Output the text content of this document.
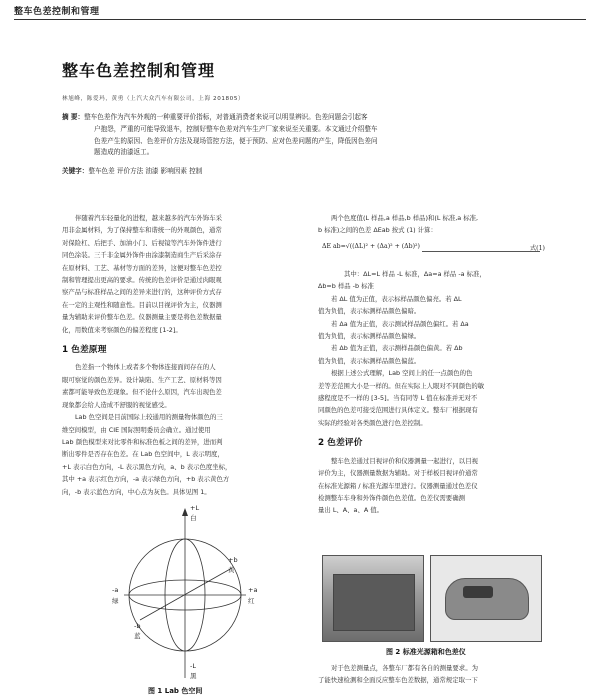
整车色差控制和管理
整车色差控制和管理
林旭峰，陈爱玛，黄勇（上汽大众汽车有限公司，上海 201805）

摘 要：整车色差作为汽车外观的一种重要评价指标，对普通消费者来说可以明显辨识。色差问题会引起客

户抱怨，严重的可能导致退车，控制好整车色差对汽车生产厂家来说至关重要。本文通过介绍整车

色差产生的原因、色差评价方法及现场管控方法，便于预防、应对色差问题的产生，降低因色差问

题造成的油漆返工。

关键字：整车色差 评价方法 油漆 影响因素 控制

伴随着汽车轻量化的进程，越来越多的汽车外饰车采

用非金属材料，为了保持整车和谐统一的外观颜色，通常

对保险杠、后把手、加油小门、后视镜等汽车外饰件进行

同色涂装。三千非金属外饰件由涂漆制造商生产后采涂存

在原材料、工艺、基材等方面的差异，这便对整车色差控

制和管理提出更高的要求。传统的色差评价是通过肉眼观

察产品与标准样品之间的差异来进行的，这种评价方式存

在一定的主观性和随意性。目前以目视评价为主，仪器测

量为辅助来评价整车色差。仪器测量主要是将色差数据量

化，用数值来考察颜色的偏差程度 [1-2]。

1 色差原理

色差指一个物体上或者多个物体连接面间存在的人

眼可察觉的颜色差异。设计缺陷、生产工艺、原材料等因

素都可能导致色差现象。但不论什么原因，汽车出现色差

现象都会给人造成不舒服的视觉感受。

Lab 色空间是目前国际上较通用的测量物体颜色的三

维空间模型，由 CIE 国际照明委员会确立。通过使用

Lab 颜色模型来对比零件和标准色板之间的差异，进而判

断出零件是否存在色差。在 Lab 色空间中，L 表示明度，

+L 表示白色方向，-L 表示黑色方向，a、b 表示色度坐标，

其中 +a 表示红色方向，-a 表示绿色方向，+b 表示黄色方

向，-b 表示蓝色方向，中心点为灰色。具体见图 1。

+L
白
-L
黑
+a
红
-a
绿
+b
黄
-b
蓝
图 1 Lab 色空间

两个色度值(L 样品,a 样品,b 样品)和(L 标准,a 标准,

b 标准)之间的色差 ΔEab 按式 (1) 计算：

ΔE ab=√((ΔL)² + (Δa)² + (Δb)²)	式(1)

其中：ΔL=L 样品 -L 标准，Δa=a 样品 -a 标准，

Δb=b 样品 -b 标准

若 ΔL 值为正值，表示标样品颜色偏亮。若 ΔL

值为负值，表示标测样品颜色偏暗。

若 Δa 值为正值，表示测试样品颜色偏红。若 Δa

值为负值，表示标测样品颜色偏绿。

若 Δb 值为正值，表示测样品颜色偏黄。若 Δb

值为负值，表示标测样品颜色偏蓝。

根据上述公式理解，Lab 空间上的任一点颜色的色

差等差范围大小是一样的。但在实际上人眼对不同颜色的敏

感程度是不一样的 [3-5]。当有同等 L 值在标准并无对不

同颜色的色差可接受范围进行具体定义。整车厂根据现有

实际的经验对各类颜色进行色差控制。

2 色差评价

整车色差通过目视评价和仪器测量一起进行，以目视

评价为主，仪器测量数据为辅助。对于样板目视评价通常

在标准光源箱 / 标准光源车里进行。仪器测量通过色差仪

检测整车车身和外饰件颜色色差值。色差仪需要确测

量出 L、A、a、A 值。

图 2 标准光源箱和色差仪

对于色差测量点，各整车厂都有各自的测量要求。为

了能快速检测和全面反应整车色差数据，通常规定取一下
